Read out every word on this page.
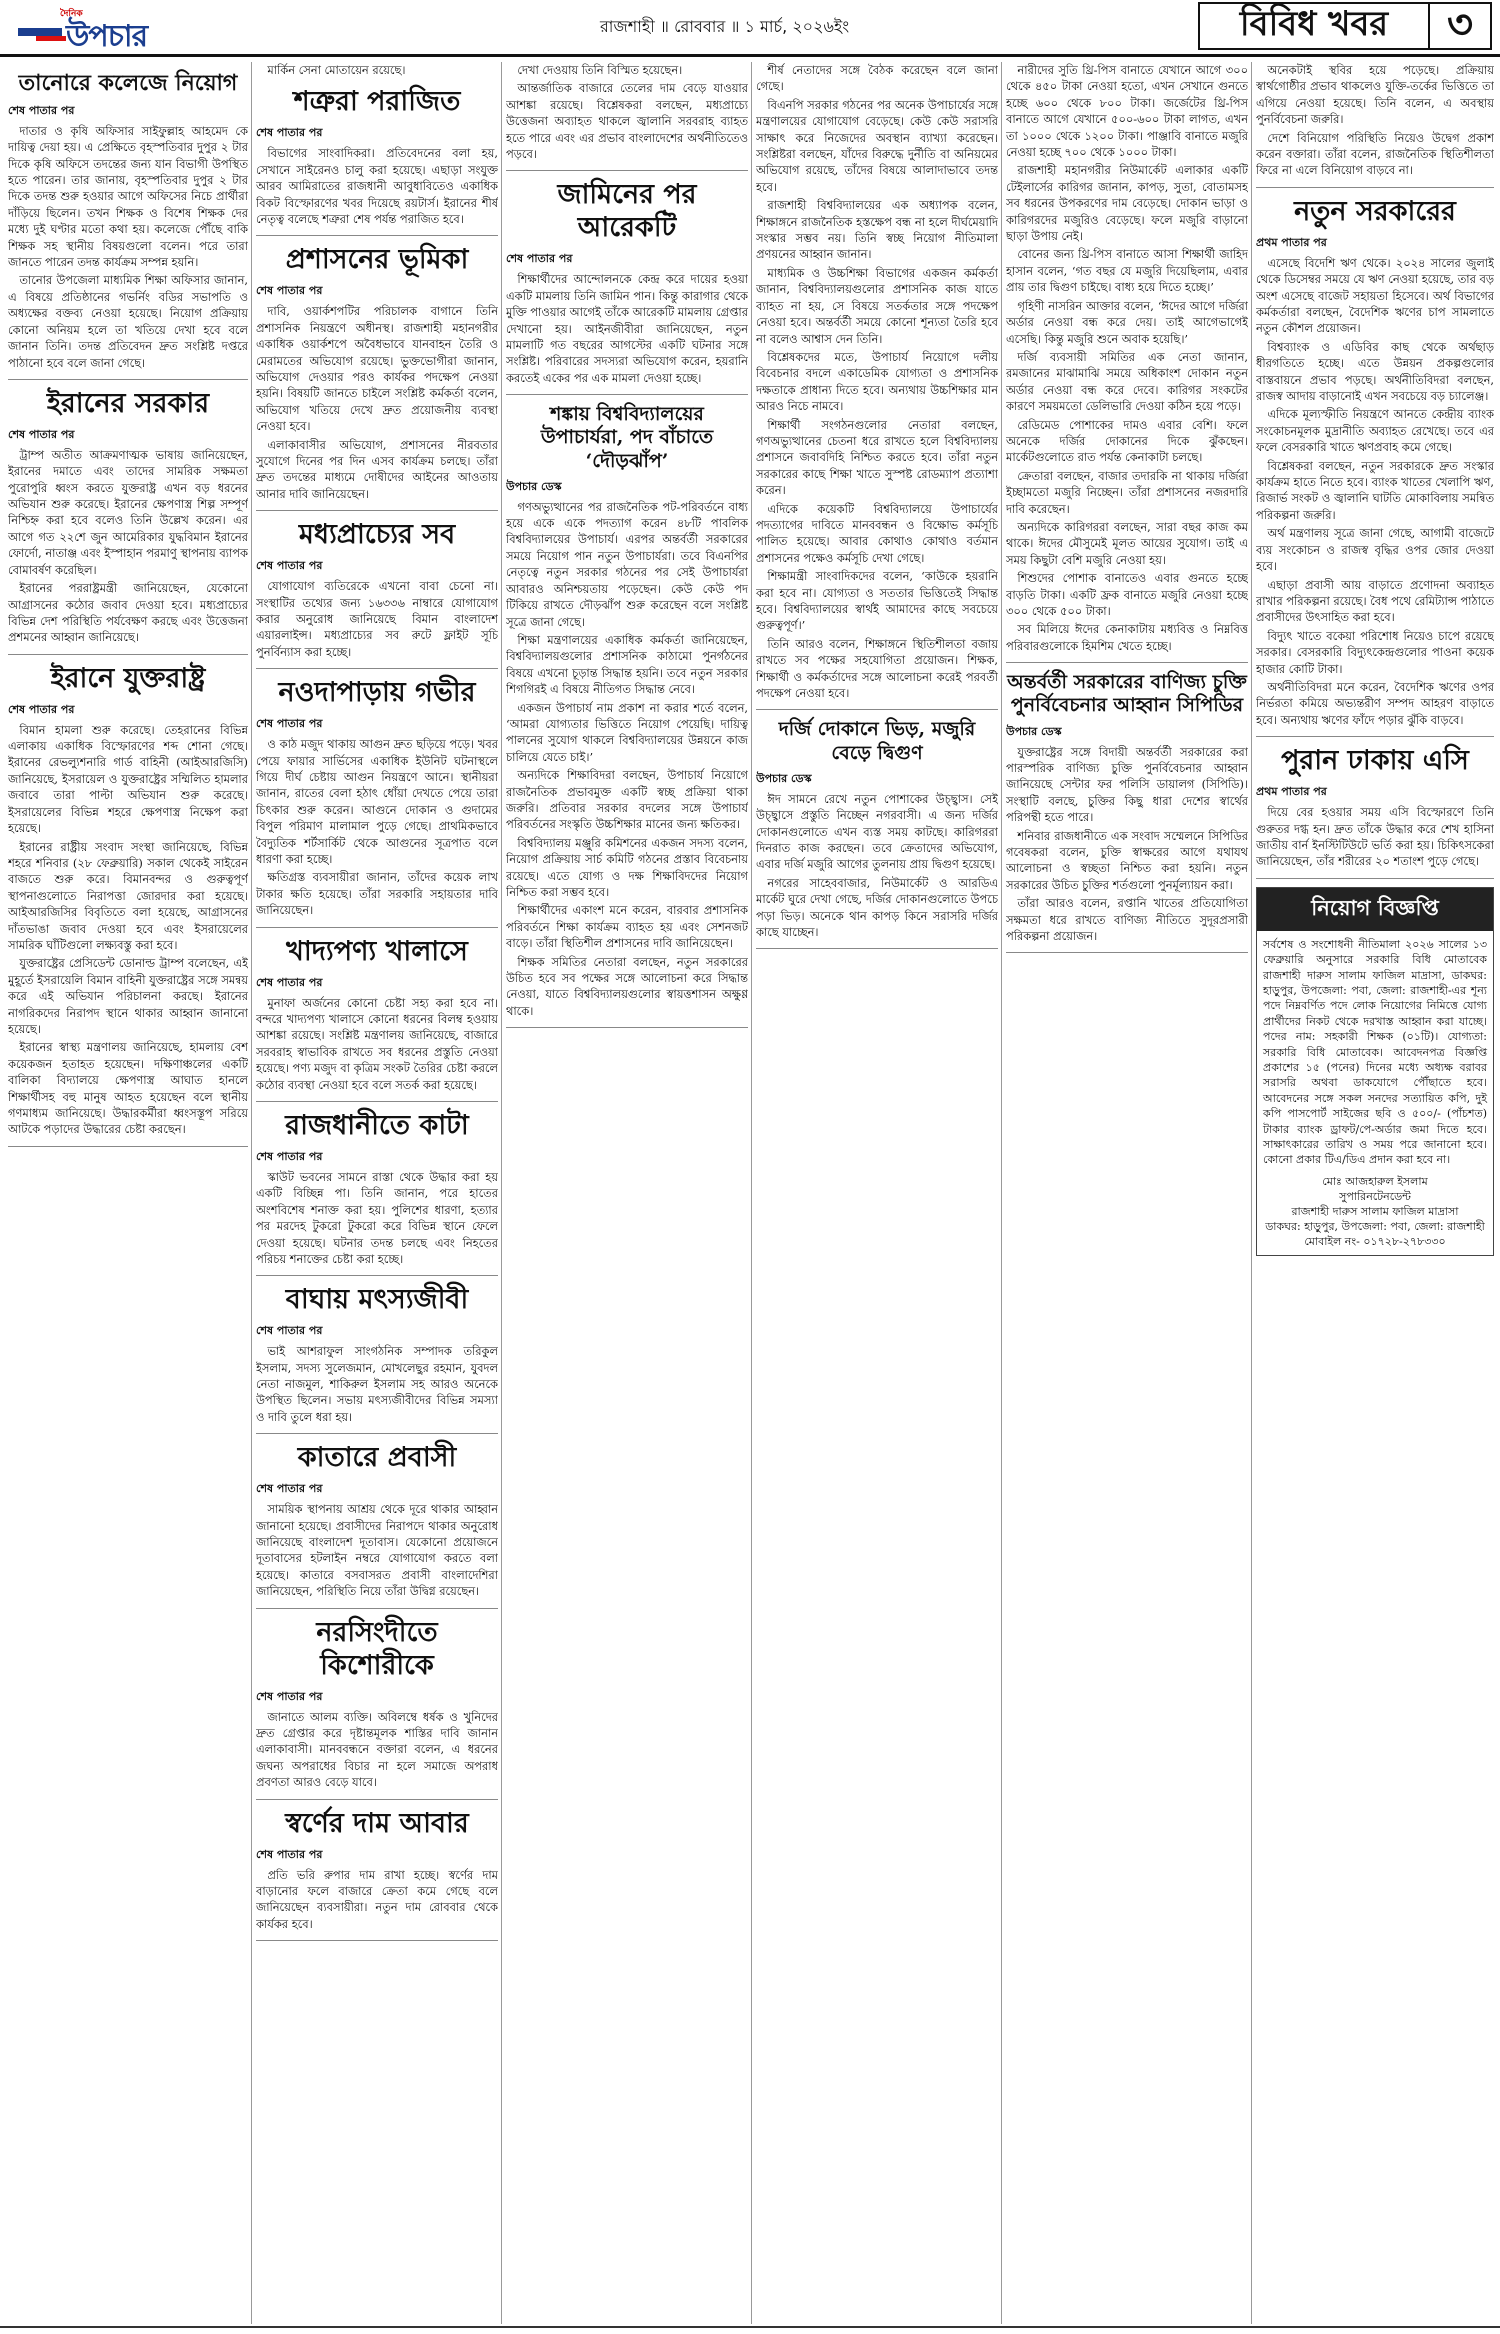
দৈনিক
উপচার	রাজশাহী ॥ রোববার ॥ ১ মার্চ, ২০২৬ইং	বিবিধ খবর	৩
তানোরে কলেজে নিয়োগ
শেষ পাতার পর

দাতার ও কৃষি অফিসার সাইফুল্লাহ আহমেদ কে দায়িত্ব দেয়া হয়। এ প্রেক্ষিতে বৃহস্পতিবার দুপুর ২ টার দিকে কৃষি অফিসে তদন্তের জন্য যান বিভাগী উপস্থিত হতে পারেন। তার জানায়, বৃহস্পতিবার দুপুর ২ টার দিকে তদন্ত শুরু হওয়ার আগে অফিসের নিচে প্রার্থীরা দাঁড়িয়ে ছিলেন। তখন শিক্ষক ও বিশেষ শিক্ষক দের মধ্যে দুই ঘণ্টার মতো কথা হয়। কলেজে পৌঁছে বাকি শিক্ষক সহ স্থানীয় বিষয়গুলো বলেন। পরে তারা জানতে পারেন তদন্ত কার্যক্রম সম্পন্ন হয়নি।

তানোর উপজেলা মাধ্যমিক শিক্ষা অফিসার জানান, এ বিষয়ে প্রতিষ্ঠানের গভর্নিং বডির সভাপতি ও অধ্যক্ষের বক্তব্য নেওয়া হয়েছে। নিয়োগ প্রক্রিয়ায় কোনো অনিয়ম হলে তা খতিয়ে দেখা হবে বলে জানান তিনি। তদন্ত প্রতিবেদন দ্রুত সংশ্লিষ্ট দপ্তরে পাঠানো হবে বলে জানা গেছে।

ইরানের সরকার
শেষ পাতার পর

ট্রাম্প অতীত আক্রমণাত্মক ভাষায় জানিয়েছেন, ইরানের দমাতে এবং তাদের সামরিক সক্ষমতা পুরোপুরি ধ্বংস করতে যুক্তরাষ্ট্র এখন বড় ধরনের অভিযান শুরু করেছে। ইরানের ক্ষেপণাস্ত্র শিল্প সম্পূর্ণ নিশ্চিহ্ন করা হবে বলেও তিনি উল্লেখ করেন। এর আগে গত ২২শে জুন আমেরিকার যুদ্ধবিমান ইরানের ফোর্দো, নাতাঞ্জ এবং ইস্পাহান পরমাণু স্থাপনায় ব্যাপক বোমাবর্ষণ করেছিল।

ইরানের পররাষ্ট্রমন্ত্রী জানিয়েছেন, যেকোনো আগ্রাসনের কঠোর জবাব দেওয়া হবে। মধ্যপ্রাচ্যের বিভিন্ন দেশ পরিস্থিতি পর্যবেক্ষণ করছে এবং উত্তেজনা প্রশমনের আহ্বান জানিয়েছে।

ইরানে যুক্তরাষ্ট্র
শেষ পাতার পর

বিমান হামলা শুরু করেছে। তেহরানের বিভিন্ন এলাকায় একাধিক বিস্ফোরণের শব্দ শোনা গেছে। ইরানের রেভল্যুশনারি গার্ড বাহিনী (আইআরজিসি) জানিয়েছে, ইসরায়েল ও যুক্তরাষ্ট্রের সম্মিলিত হামলার জবাবে তারা পাল্টা অভিযান শুরু করেছে। ইসরায়েলের বিভিন্ন শহরে ক্ষেপণাস্ত্র নিক্ষেপ করা হয়েছে।

ইরানের রাষ্ট্রীয় সংবাদ সংস্থা জানিয়েছে, বিভিন্ন শহরে শনিবার (২৮ ফেব্রুয়ারি) সকাল থেকেই সাইরেন বাজতে শুরু করে। বিমানবন্দর ও গুরুত্বপূর্ণ স্থাপনাগুলোতে নিরাপত্তা জোরদার করা হয়েছে। আইআরজিসির বিবৃতিতে বলা হয়েছে, আগ্রাসনের দাঁতভাঙা জবাব দেওয়া হবে এবং ইসরায়েলের সামরিক ঘাঁটিগুলো লক্ষ্যবস্তু করা হবে।

যুক্তরাষ্ট্রের প্রেসিডেন্ট ডোনাল্ড ট্রাম্প বলেছেন, এই মুহূর্তে ইসরায়েলি বিমান বাহিনী যুক্তরাষ্ট্রের সঙ্গে সমন্বয় করে এই অভিযান পরিচালনা করছে। ইরানের নাগরিকদের নিরাপদ স্থানে থাকার আহ্বান জানানো হয়েছে।

ইরানের স্বাস্থ্য মন্ত্রণালয় জানিয়েছে, হামলায় বেশ কয়েকজন হতাহত হয়েছেন। দক্ষিণাঞ্চলের একটি বালিকা বিদ্যালয়ে ক্ষেপণাস্ত্র আঘাত হানলে শিক্ষার্থীসহ বহু মানুষ আহত হয়েছেন বলে স্থানীয় গণমাধ্যম জানিয়েছে। উদ্ধারকর্মীরা ধ্বংসস্তূপ সরিয়ে আটকে পড়াদের উদ্ধারের চেষ্টা করছেন।

মার্কিন সেনা মোতায়েন রয়েছে।

শত্রুরা পরাজিত
শেষ পাতার পর

বিভাগের সাংবাদিকরা। প্রতিবেদনের বলা হয়, সেখানে সাইরেনও চালু করা হয়েছে। এছাড়া সংযুক্ত আরব আমিরাতের রাজধানী আবুধাবিতেও একাধিক বিকট বিস্ফোরণের খবর দিয়েছে রয়টার্স। ইরানের শীর্ষ নেতৃত্ব বলেছে শত্রুরা শেষ পর্যন্ত পরাজিত হবে।

প্রশাসনের ভূমিকা
শেষ পাতার পর

দাবি, ওয়ার্কশপটির পরিচালক বাগানে তিনি প্রশাসনিক নিয়ন্ত্রণে অধীনস্থ। রাজশাহী মহানগরীর একাধিক ওয়ার্কশপে অবৈধভাবে যানবাহন তৈরি ও মেরামতের অভিযোগ রয়েছে। ভুক্তভোগীরা জানান, অভিযোগ দেওয়ার পরও কার্যকর পদক্ষেপ নেওয়া হয়নি। বিষয়টি জানতে চাইলে সংশ্লিষ্ট কর্মকর্তা বলেন, অভিযোগ খতিয়ে দেখে দ্রুত প্রয়োজনীয় ব্যবস্থা নেওয়া হবে।

এলাকাবাসীর অভিযোগ, প্রশাসনের নীরবতার সুযোগে দিনের পর দিন এসব কার্যক্রম চলছে। তাঁরা দ্রুত তদন্তের মাধ্যমে দোষীদের আইনের আওতায় আনার দাবি জানিয়েছেন।

মধ্যপ্রাচ্যের সব
শেষ পাতার পর

যোগাযোগ ব্যতিরেকে এখনো বাবা চেনো না। সংস্থাটির তথ্যের জন্য ১৬৩৩৬ নাম্বারে যোগাযোগ করার অনুরোধ জানিয়েছে বিমান বাংলাদেশ এয়ারলাইন্স। মধ্যপ্রাচ্যের সব রুটে ফ্লাইট সূচি পুনর্বিন্যাস করা হচ্ছে।

নওদাপাড়ায় গভীর
শেষ পাতার পর

ও কাঠ মজুদ থাকায় আগুন দ্রুত ছড়িয়ে পড়ে। খবর পেয়ে ফায়ার সার্ভিসের একাধিক ইউনিট ঘটনাস্থলে গিয়ে দীর্ঘ চেষ্টায় আগুন নিয়ন্ত্রণে আনে। স্থানীয়রা জানান, রাতের বেলা হঠাৎ ধোঁয়া দেখতে পেয়ে তারা চিৎকার শুরু করেন। আগুনে দোকান ও গুদামের বিপুল পরিমাণ মালামাল পুড়ে গেছে। প্রাথমিকভাবে বৈদ্যুতিক শর্টসার্কিট থেকে আগুনের সূত্রপাত বলে ধারণা করা হচ্ছে।

ক্ষতিগ্রস্ত ব্যবসায়ীরা জানান, তাঁদের কয়েক লাখ টাকার ক্ষতি হয়েছে। তাঁরা সরকারি সহায়তার দাবি জানিয়েছেন।

খাদ্যপণ্য খালাসে
শেষ পাতার পর

মুনাফা অর্জনের কোনো চেষ্টা সহ্য করা হবে না। বন্দরে খাদ্যপণ্য খালাসে কোনো ধরনের বিলম্ব হওয়ায় আশঙ্কা রয়েছে। সংশ্লিষ্ট মন্ত্রণালয় জানিয়েছে, বাজারে সরবরাহ স্বাভাবিক রাখতে সব ধরনের প্রস্তুতি নেওয়া হয়েছে। পণ্য মজুদ বা কৃত্রিম সংকট তৈরির চেষ্টা করলে কঠোর ব্যবস্থা নেওয়া হবে বলে সতর্ক করা হয়েছে।

রাজধানীতে কাটা
শেষ পাতার পর

স্কাউট ভবনের সামনে রাস্তা থেকে উদ্ধার করা হয় একটি বিচ্ছিন্ন পা। তিনি জানান, পরে হাতের অংশবিশেষ শনাক্ত করা হয়। পুলিশের ধারণা, হত্যার পর মরদেহ টুকরো টুকরো করে বিভিন্ন স্থানে ফেলে দেওয়া হয়েছে। ঘটনার তদন্ত চলছে এবং নিহতের পরিচয় শনাক্তের চেষ্টা করা হচ্ছে।

বাঘায় মৎস্যজীবী
শেষ পাতার পর

ভাই আশরাফুল সাংগঠনিক সম্পাদক তরিকুল ইসলাম, সদস্য সুলেজমান, মোখলেছুর রহমান, যুবদল নেতা নাজমুল, শাকিরুল ইসলাম সহ আরও অনেকে উপস্থিত ছিলেন। সভায় মৎস্যজীবীদের বিভিন্ন সমস্যা ও দাবি তুলে ধরা হয়।

কাতারে প্রবাসী
শেষ পাতার পর

সাময়িক স্থাপনায় আশ্রয় থেকে দূরে থাকার আহ্বান জানানো হয়েছে। প্রবাসীদের নিরাপদে থাকার অনুরোধ জানিয়েছে বাংলাদেশ দূতাবাস। যেকোনো প্রয়োজনে দূতাবাসের হটলাইন নম্বরে যোগাযোগ করতে বলা হয়েছে। কাতারে বসবাসরত প্রবাসী বাংলাদেশিরা জানিয়েছেন, পরিস্থিতি নিয়ে তাঁরা উদ্বিগ্ন রয়েছেন।

নরসিংদীতে কিশোরীকে
শেষ পাতার পর

জানাতে আলম ব্যক্তি। অবিলম্বে ধর্ষক ও খুনিদের দ্রুত গ্রেপ্তার করে দৃষ্টান্তমূলক শাস্তির দাবি জানান এলাকাবাসী। মানববন্ধনে বক্তারা বলেন, এ ধরনের জঘন্য অপরাধের বিচার না হলে সমাজে অপরাধ প্রবণতা আরও বেড়ে যাবে।

স্বর্ণের দাম আবার
শেষ পাতার পর

প্রতি ভরি রুপার দাম রাখা হচ্ছে। স্বর্ণের দাম বাড়ানোর ফলে বাজারে ক্রেতা কমে গেছে বলে জানিয়েছেন ব্যবসায়ীরা। নতুন দাম রোববার থেকে কার্যকর হবে।

দেখা দেওয়ায় তিনি বিস্মিত হয়েছেন।

আন্তর্জাতিক বাজারে তেলের দাম বেড়ে যাওয়ার আশঙ্কা রয়েছে। বিশ্লেষকরা বলছেন, মধ্যপ্রাচ্যে উত্তেজনা অব্যাহত থাকলে জ্বালানি সরবরাহ ব্যাহত হতে পারে এবং এর প্রভাব বাংলাদেশের অর্থনীতিতেও পড়বে।

জামিনের পর আরেকটি
শেষ পাতার পর

শিক্ষার্থীদের আন্দোলনকে কেন্দ্র করে দায়ের হওয়া একটি মামলায় তিনি জামিন পান। কিন্তু কারাগার থেকে মুক্তি পাওয়ার আগেই তাঁকে আরেকটি মামলায় গ্রেপ্তার দেখানো হয়। আইনজীবীরা জানিয়েছেন, নতুন মামলাটি গত বছরের আগস্টের একটি ঘটনার সঙ্গে সংশ্লিষ্ট। পরিবারের সদস্যরা অভিযোগ করেন, হয়রানি করতেই একের পর এক মামলা দেওয়া হচ্ছে।

শঙ্কায় বিশ্ববিদ্যালয়ের উপাচার্যরা, পদ বাঁচাতে ‘দৌড়ঝাঁপ’
উপচার ডেস্ক

গণঅভ্যুত্থানের পর রাজনৈতিক পট-পরিবর্তনে বাধ্য হয়ে একে একে পদত্যাগ করেন ৪৮টি পাবলিক বিশ্ববিদ্যালয়ের উপাচার্য। এরপর অন্তর্বর্তী সরকারের সময়ে নিয়োগ পান নতুন উপাচার্যরা। তবে বিএনপির নেতৃত্বে নতুন সরকার গঠনের পর সেই উপাচার্যরা আবারও অনিশ্চয়তায় পড়েছেন। কেউ কেউ পদ টিকিয়ে রাখতে দৌড়ঝাঁপ শুরু করেছেন বলে সংশ্লিষ্ট সূত্রে জানা গেছে।

শিক্ষা মন্ত্রণালয়ের একাধিক কর্মকর্তা জানিয়েছেন, বিশ্ববিদ্যালয়গুলোর প্রশাসনিক কাঠামো পুনর্গঠনের বিষয়ে এখনো চূড়ান্ত সিদ্ধান্ত হয়নি। তবে নতুন সরকার শিগগিরই এ বিষয়ে নীতিগত সিদ্ধান্ত নেবে।

একজন উপাচার্য নাম প্রকাশ না করার শর্তে বলেন, ‘আমরা যোগ্যতার ভিত্তিতে নিয়োগ পেয়েছি। দায়িত্ব পালনের সুযোগ থাকলে বিশ্ববিদ্যালয়ের উন্নয়নে কাজ চালিয়ে যেতে চাই।’

অন্যদিকে শিক্ষাবিদরা বলছেন, উপাচার্য নিয়োগে রাজনৈতিক প্রভাবমুক্ত একটি স্বচ্ছ প্রক্রিয়া থাকা জরুরি। প্রতিবার সরকার বদলের সঙ্গে উপাচার্য পরিবর্তনের সংস্কৃতি উচ্চশিক্ষার মানের জন্য ক্ষতিকর।

বিশ্ববিদ্যালয় মঞ্জুরি কমিশনের একজন সদস্য বলেন, নিয়োগ প্রক্রিয়ায় সার্চ কমিটি গঠনের প্রস্তাব বিবেচনায় রয়েছে। এতে যোগ্য ও দক্ষ শিক্ষাবিদদের নিয়োগ নিশ্চিত করা সম্ভব হবে।

শিক্ষার্থীদের একাংশ মনে করেন, বারবার প্রশাসনিক পরিবর্তনে শিক্ষা কার্যক্রম ব্যাহত হয় এবং সেশনজট বাড়ে। তাঁরা স্থিতিশীল প্রশাসনের দাবি জানিয়েছেন।

শিক্ষক সমিতির নেতারা বলছেন, নতুন সরকারের উচিত হবে সব পক্ষের সঙ্গে আলোচনা করে সিদ্ধান্ত নেওয়া, যাতে বিশ্ববিদ্যালয়গুলোর স্বায়ত্তশাসন অক্ষুণ্ণ থাকে।

শীর্ষ নেতাদের সঙ্গে বৈঠক করেছেন বলে জানা গেছে।

বিএনপি সরকার গঠনের পর অনেক উপাচার্যের সঙ্গে মন্ত্রণালয়ের যোগাযোগ বেড়েছে। কেউ কেউ সরাসরি সাক্ষাৎ করে নিজেদের অবস্থান ব্যাখ্যা করেছেন। সংশ্লিষ্টরা বলছেন, যাঁদের বিরুদ্ধে দুর্নীতি বা অনিয়মের অভিযোগ রয়েছে, তাঁদের বিষয়ে আলাদাভাবে তদন্ত হবে।

রাজশাহী বিশ্ববিদ্যালয়ের এক অধ্যাপক বলেন, শিক্ষাঙ্গনে রাজনৈতিক হস্তক্ষেপ বন্ধ না হলে দীর্ঘমেয়াদি সংস্কার সম্ভব নয়। তিনি স্বচ্ছ নিয়োগ নীতিমালা প্রণয়নের আহ্বান জানান।

মাধ্যমিক ও উচ্চশিক্ষা বিভাগের একজন কর্মকর্তা জানান, বিশ্ববিদ্যালয়গুলোর প্রশাসনিক কাজ যাতে ব্যাহত না হয়, সে বিষয়ে সতর্কতার সঙ্গে পদক্ষেপ নেওয়া হবে। অন্তর্বর্তী সময়ে কোনো শূন্যতা তৈরি হবে না বলেও আশ্বাস দেন তিনি।

বিশ্লেষকদের মতে, উপাচার্য নিয়োগে দলীয় বিবেচনার বদলে একাডেমিক যোগ্যতা ও প্রশাসনিক দক্ষতাকে প্রাধান্য দিতে হবে। অন্যথায় উচ্চশিক্ষার মান আরও নিচে নামবে।

শিক্ষার্থী সংগঠনগুলোর নেতারা বলছেন, গণঅভ্যুত্থানের চেতনা ধরে রাখতে হলে বিশ্ববিদ্যালয় প্রশাসনে জবাবদিহি নিশ্চিত করতে হবে। তাঁরা নতুন সরকারের কাছে শিক্ষা খাতে সুস্পষ্ট রোডম্যাপ প্রত্যাশা করেন।

এদিকে কয়েকটি বিশ্ববিদ্যালয়ে উপাচার্যের পদত্যাগের দাবিতে মানববন্ধন ও বিক্ষোভ কর্মসূচি পালিত হয়েছে। আবার কোথাও কোথাও বর্তমান প্রশাসনের পক্ষেও কর্মসূচি দেখা গেছে।

শিক্ষামন্ত্রী সাংবাদিকদের বলেন, ‘কাউকে হয়রানি করা হবে না। যোগ্যতা ও সততার ভিত্তিতেই সিদ্ধান্ত হবে। বিশ্ববিদ্যালয়ের স্বার্থই আমাদের কাছে সবচেয়ে গুরুত্বপূর্ণ।’

তিনি আরও বলেন, শিক্ষাঙ্গনে স্থিতিশীলতা বজায় রাখতে সব পক্ষের সহযোগিতা প্রয়োজন। শিক্ষক, শিক্ষার্থী ও কর্মকর্তাদের সঙ্গে আলোচনা করেই পরবর্তী পদক্ষেপ নেওয়া হবে।

দর্জি দোকানে ভিড়, মজুরি বেড়ে দ্বিগুণ
উপচার ডেস্ক

ঈদ সামনে রেখে নতুন পোশাকের উচ্ছ্বাস। সেই উচ্ছ্বাসে প্রস্তুতি নিচ্ছেন নগরবাসী। এ জন্য দর্জির দোকানগুলোতে এখন ব্যস্ত সময় কাটছে। কারিগররা দিনরাত কাজ করছেন। তবে ক্রেতাদের অভিযোগ, এবার দর্জি মজুরি আগের তুলনায় প্রায় দ্বিগুণ হয়েছে।

নগরের সাহেববাজার, নিউমার্কেট ও আরডিএ মার্কেট ঘুরে দেখা গেছে, দর্জির দোকানগুলোতে উপচে পড়া ভিড়। অনেকে থান কাপড় কিনে সরাসরি দর্জির কাছে যাচ্ছেন।

নারীদের সুতি থ্রি-পিস বানাতে যেখানে আগে ৩০০ থেকে ৪৫০ টাকা নেওয়া হতো, এখন সেখানে গুনতে হচ্ছে ৬০০ থেকে ৮০০ টাকা। জর্জেটের থ্রি-পিস বানাতে আগে যেখানে ৫০০-৬০০ টাকা লাগত, এখন তা ১০০০ থেকে ১২০০ টাকা। পাঞ্জাবি বানাতে মজুরি নেওয়া হচ্ছে ৭০০ থেকে ১০০০ টাকা।

রাজশাহী মহানগরীর নিউমার্কেট এলাকার একটি টেইলার্সের কারিগর জানান, কাপড়, সুতা, বোতামসহ সব ধরনের উপকরণের দাম বেড়েছে। দোকান ভাড়া ও কারিগরদের মজুরিও বেড়েছে। ফলে মজুরি বাড়ানো ছাড়া উপায় নেই।

বোনের জন্য থ্রি-পিস বানাতে আসা শিক্ষার্থী জাহিদ হাসান বলেন, ‘গত বছর যে মজুরি দিয়েছিলাম, এবার প্রায় তার দ্বিগুণ চাইছে। বাধ্য হয়ে দিতে হচ্ছে।’

গৃহিণী নাসরিন আক্তার বলেন, ‘ঈদের আগে দর্জিরা অর্ডার নেওয়া বন্ধ করে দেয়। তাই আগেভাগেই এসেছি। কিন্তু মজুরি শুনে অবাক হয়েছি।’

দর্জি ব্যবসায়ী সমিতির এক নেতা জানান, রমজানের মাঝামাঝি সময়ে অধিকাংশ দোকান নতুন অর্ডার নেওয়া বন্ধ করে দেবে। কারিগর সংকটের কারণে সময়মতো ডেলিভারি দেওয়া কঠিন হয়ে পড়ে।

রেডিমেড পোশাকের দামও এবার বেশি। ফলে অনেকে দর্জির দোকানের দিকে ঝুঁকছেন। মার্কেটগুলোতে রাত পর্যন্ত কেনাকাটা চলছে।

ক্রেতারা বলছেন, বাজার তদারকি না থাকায় দর্জিরা ইচ্ছামতো মজুরি নিচ্ছেন। তাঁরা প্রশাসনের নজরদারি দাবি করেছেন।

অন্যদিকে কারিগররা বলছেন, সারা বছর কাজ কম থাকে। ঈদের মৌসুমেই মূলত আয়ের সুযোগ। তাই এ সময় কিছুটা বেশি মজুরি নেওয়া হয়।

শিশুদের পোশাক বানাতেও এবার গুনতে হচ্ছে বাড়তি টাকা। একটি ফ্রক বানাতে মজুরি নেওয়া হচ্ছে ৩০০ থেকে ৫০০ টাকা।

সব মিলিয়ে ঈদের কেনাকাটায় মধ্যবিত্ত ও নিম্নবিত্ত পরিবারগুলোকে হিমশিম খেতে হচ্ছে।

অন্তর্বর্তী সরকারের বাণিজ্য চুক্তি পুনর্বিবেচনার আহ্বান সিপিডির
উপচার ডেস্ক

যুক্তরাষ্ট্রের সঙ্গে বিদায়ী অন্তর্বর্তী সরকারের করা পারস্পরিক বাণিজ্য চুক্তি পুনর্বিবেচনার আহ্বান জানিয়েছে সেন্টার ফর পলিসি ডায়ালগ (সিপিডি)। সংস্থাটি বলছে, চুক্তির কিছু ধারা দেশের স্বার্থের পরিপন্থী হতে পারে।

শনিবার রাজধানীতে এক সংবাদ সম্মেলনে সিপিডির গবেষকরা বলেন, চুক্তি স্বাক্ষরের আগে যথাযথ আলোচনা ও স্বচ্ছতা নিশ্চিত করা হয়নি। নতুন সরকারের উচিত চুক্তির শর্তগুলো পুনর্মূল্যায়ন করা।

তাঁরা আরও বলেন, রপ্তানি খাতের প্রতিযোগিতা সক্ষমতা ধরে রাখতে বাণিজ্য নীতিতে সুদূরপ্রসারী পরিকল্পনা প্রয়োজন।

অনেকটাই স্থবির হয়ে পড়েছে। প্রক্রিয়ায় স্বার্থগোষ্ঠীর প্রভাব থাকলেও যুক্তি-তর্কের ভিত্তিতে তা এগিয়ে নেওয়া হয়েছে। তিনি বলেন, এ অবস্থায় পুনর্বিবেচনা জরুরি।

দেশে বিনিয়োগ পরিস্থিতি নিয়েও উদ্বেগ প্রকাশ করেন বক্তারা। তাঁরা বলেন, রাজনৈতিক স্থিতিশীলতা ফিরে না এলে বিনিয়োগ বাড়বে না।

নতুন সরকারের
প্রথম পাতার পর

এসেছে বিদেশি ঋণ থেকে। ২০২৪ সালের জুলাই থেকে ডিসেম্বর সময়ে যে ঋণ নেওয়া হয়েছে, তার বড় অংশ এসেছে বাজেট সহায়তা হিসেবে। অর্থ বিভাগের কর্মকর্তারা বলছেন, বৈদেশিক ঋণের চাপ সামলাতে নতুন কৌশল প্রয়োজন।

বিশ্বব্যাংক ও এডিবির কাছ থেকে অর্থছাড় ধীরগতিতে হচ্ছে। এতে উন্নয়ন প্রকল্পগুলোর বাস্তবায়নে প্রভাব পড়ছে। অর্থনীতিবিদরা বলছেন, রাজস্ব আদায় বাড়ানোই এখন সবচেয়ে বড় চ্যালেঞ্জ।

এদিকে মূল্যস্ফীতি নিয়ন্ত্রণে আনতে কেন্দ্রীয় ব্যাংক সংকোচনমূলক মুদ্রানীতি অব্যাহত রেখেছে। তবে এর ফলে বেসরকারি খাতে ঋণপ্রবাহ কমে গেছে।

বিশ্লেষকরা বলছেন, নতুন সরকারকে দ্রুত সংস্কার কার্যক্রম হাতে নিতে হবে। ব্যাংক খাতের খেলাপি ঋণ, রিজার্ভ সংকট ও জ্বালানি ঘাটতি মোকাবিলায় সমন্বিত পরিকল্পনা জরুরি।

অর্থ মন্ত্রণালয় সূত্রে জানা গেছে, আগামী বাজেটে ব্যয় সংকোচন ও রাজস্ব বৃদ্ধির ওপর জোর দেওয়া হবে।

এছাড়া প্রবাসী আয় বাড়াতে প্রণোদনা অব্যাহত রাখার পরিকল্পনা রয়েছে। বৈধ পথে রেমিট্যান্স পাঠাতে প্রবাসীদের উৎসাহিত করা হবে।

বিদ্যুৎ খাতে বকেয়া পরিশোধ নিয়েও চাপে রয়েছে সরকার। বেসরকারি বিদ্যুৎকেন্দ্রগুলোর পাওনা কয়েক হাজার কোটি টাকা।

অর্থনীতিবিদরা মনে করেন, বৈদেশিক ঋণের ওপর নির্ভরতা কমিয়ে অভ্যন্তরীণ সম্পদ আহরণ বাড়াতে হবে। অন্যথায় ঋণের ফাঁদে পড়ার ঝুঁকি বাড়বে।

পুরান ঢাকায় এসি
প্রথম পাতার পর

দিয়ে বের হওয়ার সময় এসি বিস্ফোরণে তিনি গুরুতর দগ্ধ হন। দ্রুত তাঁকে উদ্ধার করে শেখ হাসিনা জাতীয় বার্ন ইনস্টিটিউটে ভর্তি করা হয়। চিকিৎসকেরা জানিয়েছেন, তাঁর শরীরের ২০ শতাংশ পুড়ে গেছে।

নিয়োগ বিজ্ঞপ্তি
সর্বশেষ ও সংশোধনী নীতিমালা ২০২৬ সালের ১৩ ফেব্রুয়ারি অনুসারে সরকারি বিধি মোতাবেক রাজশাহী দারুস সালাম ফাজিল মাদ্রাসা, ডাকঘর: হাড়ুপুর, উপজেলা: পবা, জেলা: রাজশাহী-এর শূন্য পদে নিম্নবর্ণিত পদে লোক নিয়োগের নিমিত্তে যোগ্য প্রার্থীদের নিকট থেকে দরখাস্ত আহ্বান করা যাচ্ছে। পদের নাম: সহকারী শিক্ষক (০১টি)। যোগ্যতা: সরকারি বিধি মোতাবেক। আবেদনপত্র বিজ্ঞপ্তি প্রকাশের ১৫ (পনের) দিনের মধ্যে অধ্যক্ষ বরাবর সরাসরি অথবা ডাকযোগে পৌঁছাতে হবে। আবেদনের সঙ্গে সকল সনদের সত্যায়িত কপি, দুই কপি পাসপোর্ট সাইজের ছবি ও ৫০০/- (পাঁচশত) টাকার ব্যাংক ড্রাফট/পে-অর্ডার জমা দিতে হবে। সাক্ষাৎকারের তারিখ ও সময় পরে জানানো হবে। কোনো প্রকার টিএ/ডিএ প্রদান করা হবে না।
মোঃ আজহারুল ইসলাম
সুপারিনটেনডেন্ট
রাজশাহী দারুস সালাম ফাজিল মাদ্রাসা
ডাকঘর: হাড়ুপুর, উপজেলা: পবা, জেলা: রাজশাহী
মোবাইল নং- ০১৭২৮-২৭৮৩৩০
